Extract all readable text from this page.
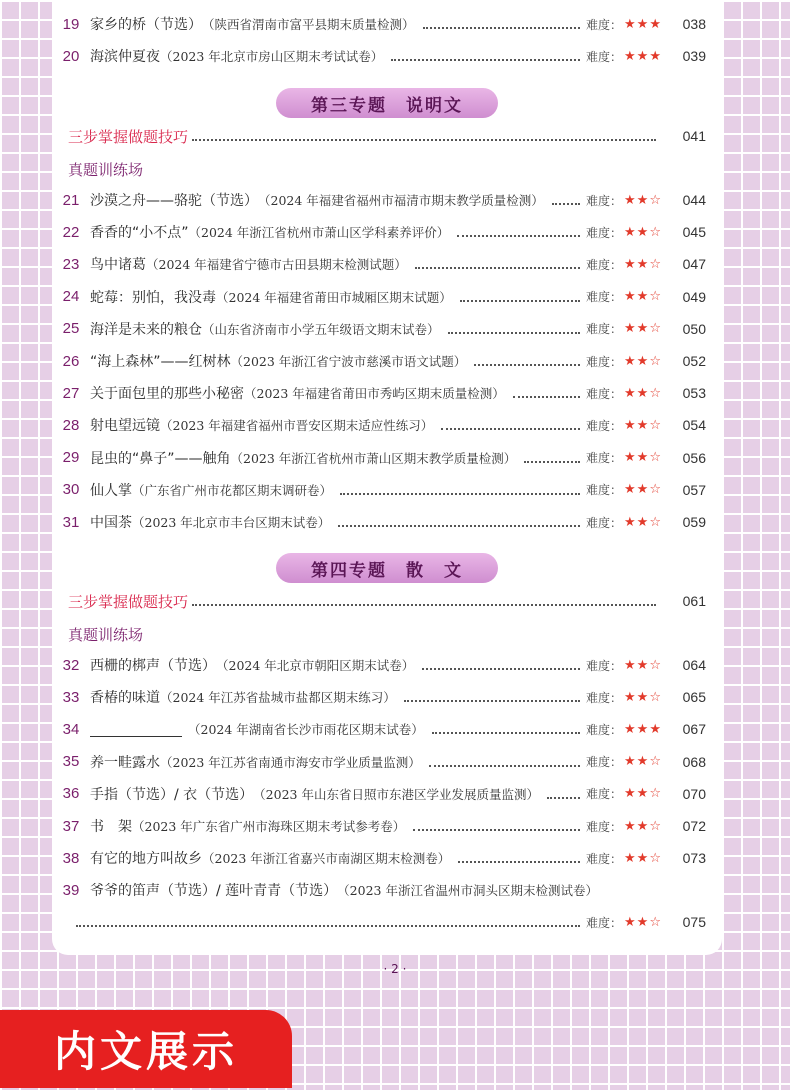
19 家乡的桥（节选） （陕西省渭南市富平县期末质量检测）	难度： ★★★	038
20 海滨仲夏夜 （2023 年北京市房山区期末考试试卷）	难度： ★★★	039
第三专题　说明文
三步掌握做题技巧	041
真题训练场
21 沙漠之舟——骆驼（节选） （2024 年福建省福州市福清市期末教学质量检测）	难度： ★★☆	044
22 香香的“小不点” （2024 年浙江省杭州市萧山区学科素养评价）	难度： ★★☆	045
23 鸟中诸葛 （2024 年福建省宁德市古田县期末检测试题）	难度： ★★☆	047
24 蛇莓：别怕，我没毒 （2024 年福建省莆田市城厢区期末试题）	难度： ★★☆	049
25 海洋是未来的粮仓 （山东省济南市小学五年级语文期末试卷）	难度： ★★☆	050
26 “海上森林”——红树林 （2023 年浙江省宁波市慈溪市语文试题）	难度： ★★☆	052
27 关于面包里的那些小秘密 （2023 年福建省莆田市秀屿区期末质量检测）	难度： ★★☆	053
28 射电望远镜 （2023 年福建省福州市晋安区期末适应性练习）	难度： ★★☆	054
29 昆虫的“鼻子”——触角 （2023 年浙江省杭州市萧山区期末教学质量检测）	难度： ★★☆	056
30 仙人掌 （广东省广州市花都区期末调研卷）	难度： ★★☆	057
31 中国茶 （2023 年北京市丰台区期末试卷）	难度： ★★☆	059
第四专题　散　文
三步掌握做题技巧	061
真题训练场
32 西栅的梆声（节选） （2024 年北京市朝阳区期末试卷）	难度： ★★☆	064
33 香椿的味道 （2024 年江苏省盐城市盐都区期末练习）	难度： ★★☆	065
34	（2024 年湖南省长沙市雨花区期末试卷）	难度： ★★★	067
35 养一畦露水 （2023 年江苏省南通市海安市学业质量监测）	难度： ★★☆	068
36 手指（节选）/ 衣（节选） （2023 年山东省日照市东港区学业发展质量监测）	难度： ★★☆	070
37 书　架 （2023 年广东省广州市海珠区期末考试参考卷）	难度： ★★☆	072
38 有它的地方叫故乡 （2023 年浙江省嘉兴市南湖区期末检测卷）	难度： ★★☆	073
39 爷爷的笛声（节选）/ 莲叶青青（节选） （2023 年浙江省温州市洞头区期末检测试卷）
难度： ★★☆	075
· 2 ·
内文展示
